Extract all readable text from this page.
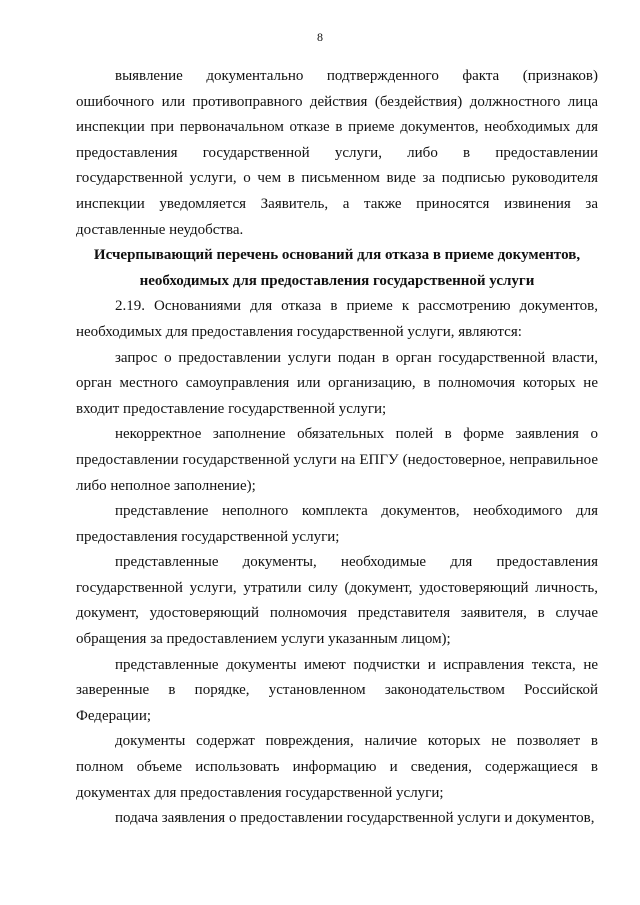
8

выявление документально подтвержденного факта (признаков) ошибочного или противоправного действия (бездействия) должностного лица инспекции при первоначальном отказе в приеме документов, необходимых для предоставления государственной услуги, либо в предоставлении государственной услуги, о чем в письменном виде за подписью руководителя инспекции уведомляется Заявитель, а также приносятся извинения за доставленные неудобства.

Исчерпывающий перечень оснований для отказа в приеме документов,

необходимых для предоставления государственной услуги

2.19. Основаниями для отказа в приеме к рассмотрению документов, необходимых для предоставления государственной услуги, являются:

запрос о предоставлении услуги подан в орган государственной власти, орган местного самоуправления или организацию, в полномочия которых не входит предоставление государственной услуги;

некорректное заполнение обязательных полей в форме заявления о предоставлении государственной услуги на ЕПГУ (недостоверное, неправильное либо неполное заполнение);

представление неполного комплекта документов, необходимого для предоставления государственной услуги;

представленные документы, необходимые для предоставления государственной услуги, утратили силу (документ, удостоверяющий личность, документ, удостоверяющий полномочия представителя заявителя, в случае обращения за предоставлением услуги указанным лицом);

представленные документы имеют подчистки и исправления текста, не заверенные в порядке, установленном законодательством Российской Федерации;

документы содержат повреждения, наличие которых не позволяет в полном объеме использовать информацию и сведения, содержащиеся в документах для предоставления государственной услуги;

подача заявления о предоставлении государственной услуги и документов,
